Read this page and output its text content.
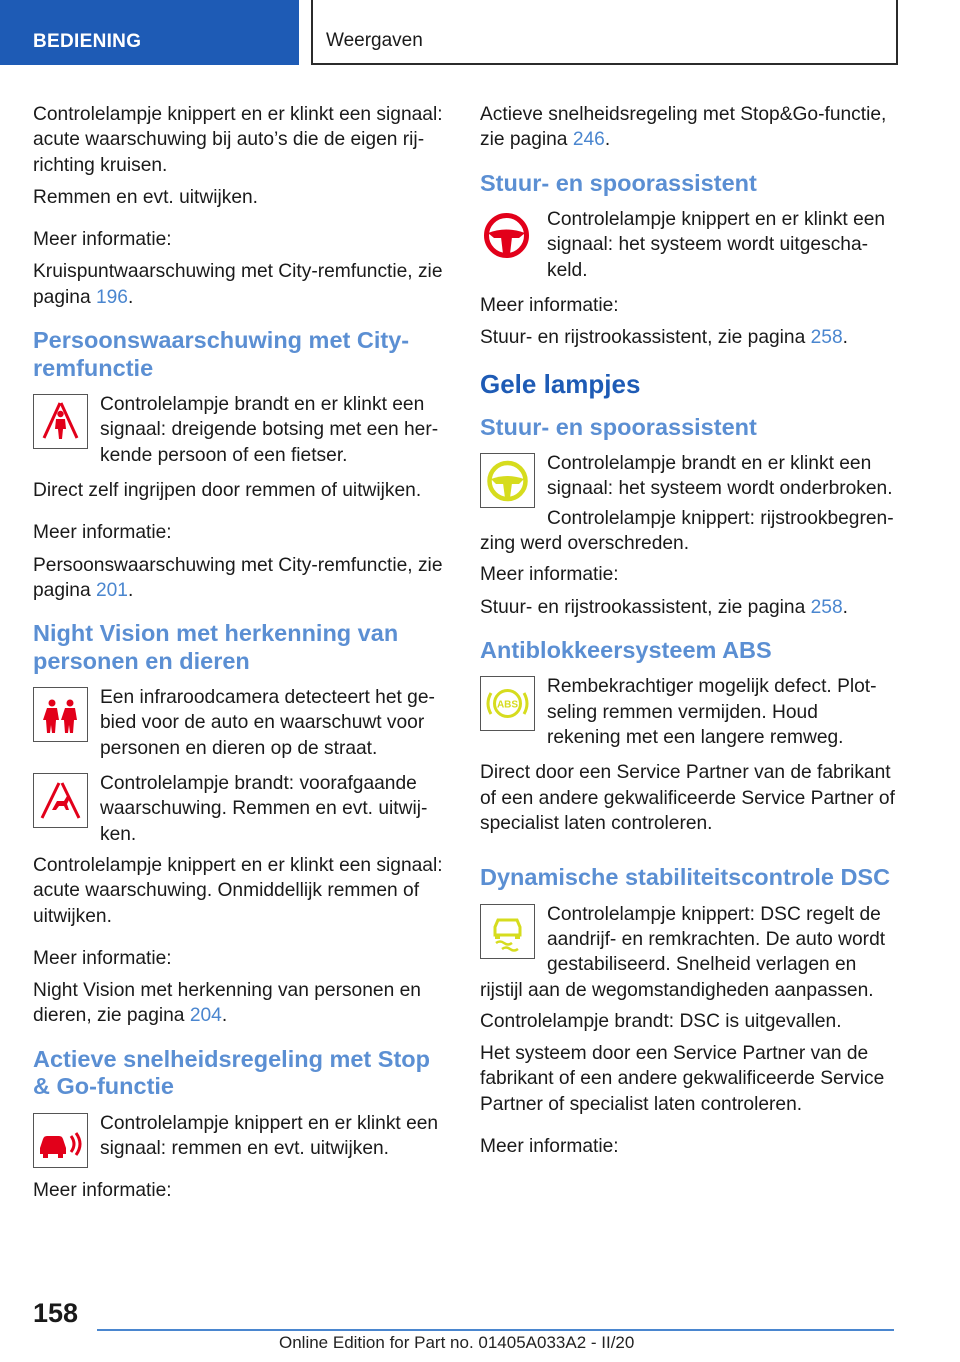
BEDIENING	Weergaven

Controlelampje knippert en er klinkt een signaal: acute waarschuwing bij auto’s die de eigen rijrichting kruisen.

Remmen en evt. uitwijken.

Meer informatie:

Kruispuntwaarschuwing met City-remfunctie, zie pagina 196.

Persoonswaarschuwing met City-remfunctie

Controlelampje brandt en er klinkt een signaal: dreigende botsing met een herkende persoon of een fietser.

Direct zelf ingrijpen door remmen of uitwijken.

Meer informatie:

Persoonswaarschuwing met City-remfunctie, zie pagina 201.

Night Vision met herkenning van personen en dieren

Een infraroodcamera detecteert het gebied voor de auto en waarschuwt voor personen en dieren op de straat.

Controlelampje brandt: voorafgaande waarschuwing. Remmen en evt. uitwijken.

Controlelampje knippert en er klinkt een signaal: acute waarschuwing. Onmiddellijk remmen of uitwijken.

Meer informatie:

Night Vision met herkenning van personen en dieren, zie pagina 204.

Actieve snelheidsregeling met Stop & Go-functie

Controlelampje knippert en er klinkt een signaal: remmen en evt. uitwijken.

Meer informatie:

Actieve snelheidsregeling met Stop&Go-functie, zie pagina 246.

Stuur- en spoorassistent

Controlelampje knippert en er klinkt een signaal: het systeem wordt uitgeschakeld.

Meer informatie:

Stuur- en rijstrookassistent, zie pagina 258.

Gele lampjes
Stuur- en spoorassistent

Controlelampje brandt en er klinkt een signaal: het systeem wordt onderbroken.

Controlelampje knippert: rijstrookbegrenzing werd overschreden.

Meer informatie:

Stuur- en rijstrookassistent, zie pagina 258.

Antiblokkeersysteem ABS
ABS

Rembekrachtiger mogelijk defect. Plotseling remmen vermijden. Houd rekening met een langere remweg.

Direct door een Service Partner van de fabrikant of een andere gekwalificeerde Service Partner of specialist laten controleren.

Dynamische stabiliteitscontrole DSC

Controlelampje knippert: DSC regelt de aandrijf- en remkrachten. De auto wordt gestabiliseerd. Snelheid verlagen en rijstijl aan de wegomstandigheden aanpassen.

Controlelampje brandt: DSC is uitgevallen.

Het systeem door een Service Partner van de fabrikant of een andere gekwalificeerde Service Partner of specialist laten controleren.

Meer informatie:

158
Online Edition for Part no. 01405A033A2 - II/20
